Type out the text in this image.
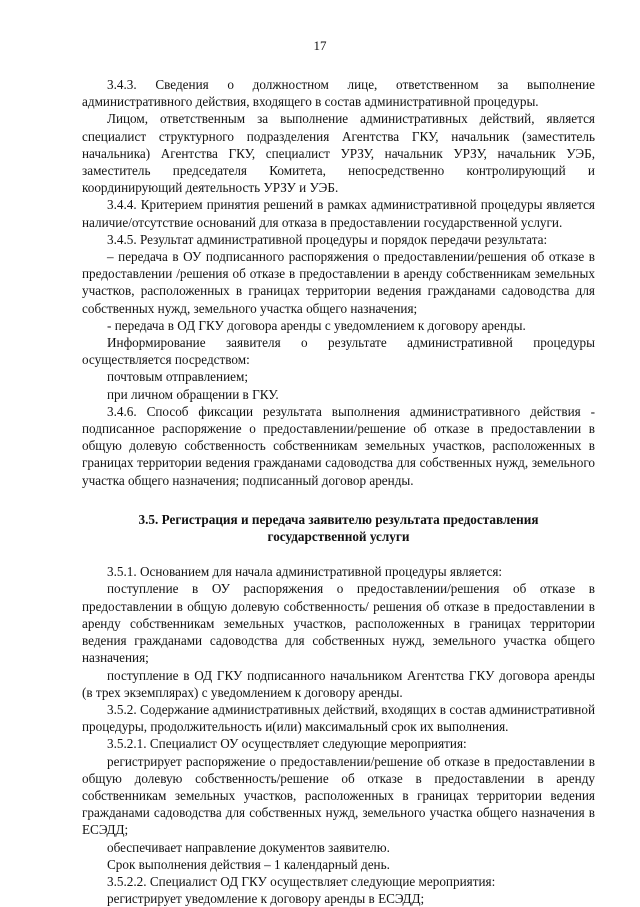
17

3.4.3. Сведения о должностном лице, ответственном за выполнение административного действия, входящего в состав административной процедуры.

Лицом, ответственным за выполнение административных действий, является специалист структурного подразделения Агентства ГКУ, начальник (заместитель начальника) Агентства ГКУ, специалист УРЗУ, начальник УРЗУ, начальник УЭБ, заместитель председателя Комитета, непосредственно контролирующий и координирующий деятельность УРЗУ и УЭБ.

3.4.4. Критерием принятия решений в рамках административной процедуры является наличие/отсутствие оснований для отказа в предоставлении государственной услуги.

3.4.5. Результат административной процедуры и порядок передачи результата:

– передача в ОУ подписанного распоряжения о предоставлении/решения об отказе в предоставлении /решения об отказе в предоставлении в аренду собственникам земельных участков, расположенных в границах территории ведения гражданами садоводства для собственных нужд, земельного участка общего назначения;

- передача в ОД ГКУ договора аренды с уведомлением к договору аренды.

Информирование заявителя о результате административной процедуры осуществляется посредством:

почтовым отправлением;

при личном обращении в ГКУ.

3.4.6. Способ фиксации результата выполнения административного действия - подписанное распоряжение о предоставлении/решение об отказе в предоставлении в общую долевую собственность собственникам земельных участков, расположенных в границах территории ведения гражданами садоводства для собственных нужд, земельного участка общего назначения; подписанный договор аренды.

3.5. Регистрация и передача заявителю результата предоставления
государственной услуги

3.5.1. Основанием для начала административной процедуры является:

поступление в ОУ распоряжения о предоставлении/решения об отказе в предоставлении в общую долевую собственность/ решения об отказе в предоставлении в аренду собственникам земельных участков, расположенных в границах территории ведения гражданами садоводства для собственных нужд, земельного участка общего назначения;

поступление в ОД ГКУ подписанного начальником Агентства ГКУ договора аренды (в трех экземплярах) с уведомлением к договору аренды.

3.5.2. Содержание административных действий, входящих в состав административной процедуры, продолжительность и(или) максимальный срок их выполнения.

3.5.2.1. Специалист ОУ осуществляет следующие мероприятия:

регистрирует распоряжение о предоставлении/решение об отказе в предоставлении в общую долевую собственность/решение об отказе в предоставлении в аренду собственникам земельных участков, расположенных в границах территории ведения гражданами садоводства для собственных нужд, земельного участка общего назначения в ЕСЭДД;

обеспечивает направление документов заявителю.

Срок выполнения действия – 1 календарный день.

3.5.2.2. Специалист ОД ГКУ осуществляет следующие мероприятия:

регистрирует уведомление к договору аренды в ЕСЭДД;
